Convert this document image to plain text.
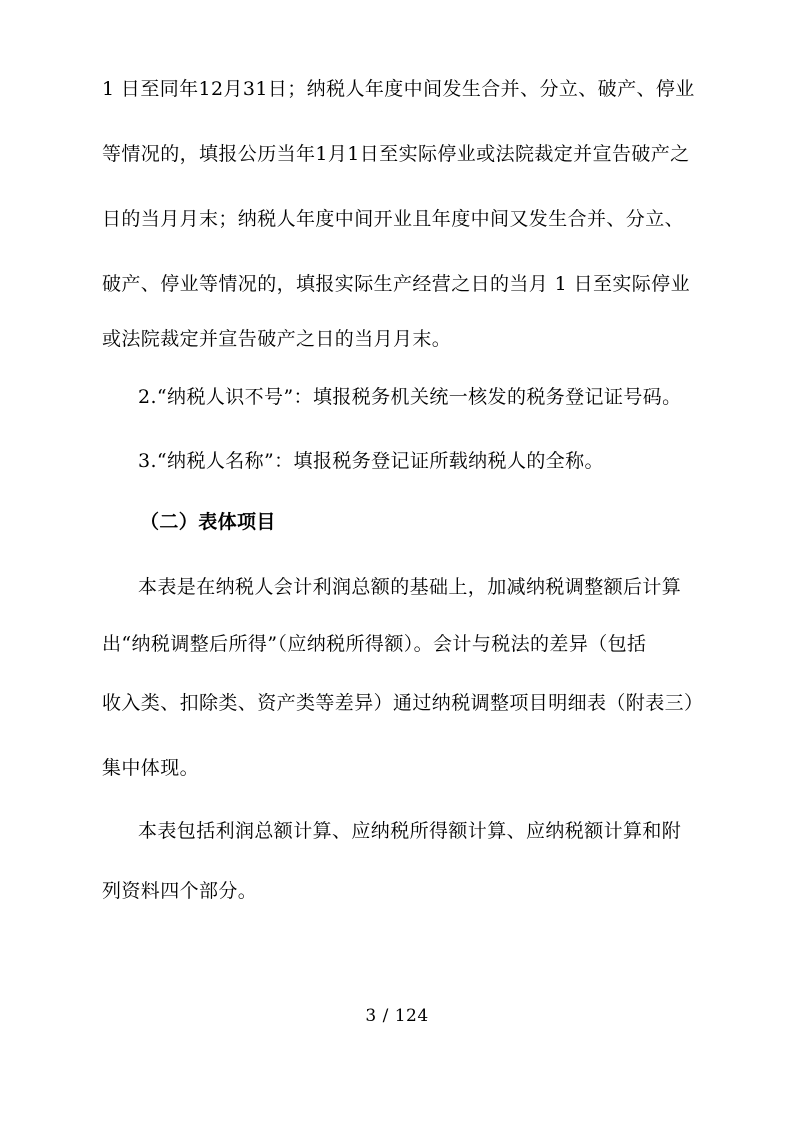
1 日至同年12月31日；纳税人年度中间发生合并、分立、破产、停业
等情况的，填报公历当年1月1日至实际停业或法院裁定并宣告破产之
日的当月月末；纳税人年度中间开业且年度中间又发生合并、分立、
破产、停业等情况的，填报实际生产经营之日的当月 1 日至实际停业
或法院裁定并宣告破产之日的当月月末。
2.“纳税人识不号”：填报税务机关统一核发的税务登记证号码。
3.“纳税人名称”：填报税务登记证所载纳税人的全称。
（二）表体项目
本表是在纳税人会计利润总额的基础上，加减纳税调整额后计算
出“纳税调整后所得”（应纳税所得额）。会计与税法的差异（包括
收入类、扣除类、资产类等差异）通过纳税调整项目明细表（附表三）
集中体现。
本表包括利润总额计算、应纳税所得额计算、应纳税额计算和附
列资料四个部分。
3 / 124
